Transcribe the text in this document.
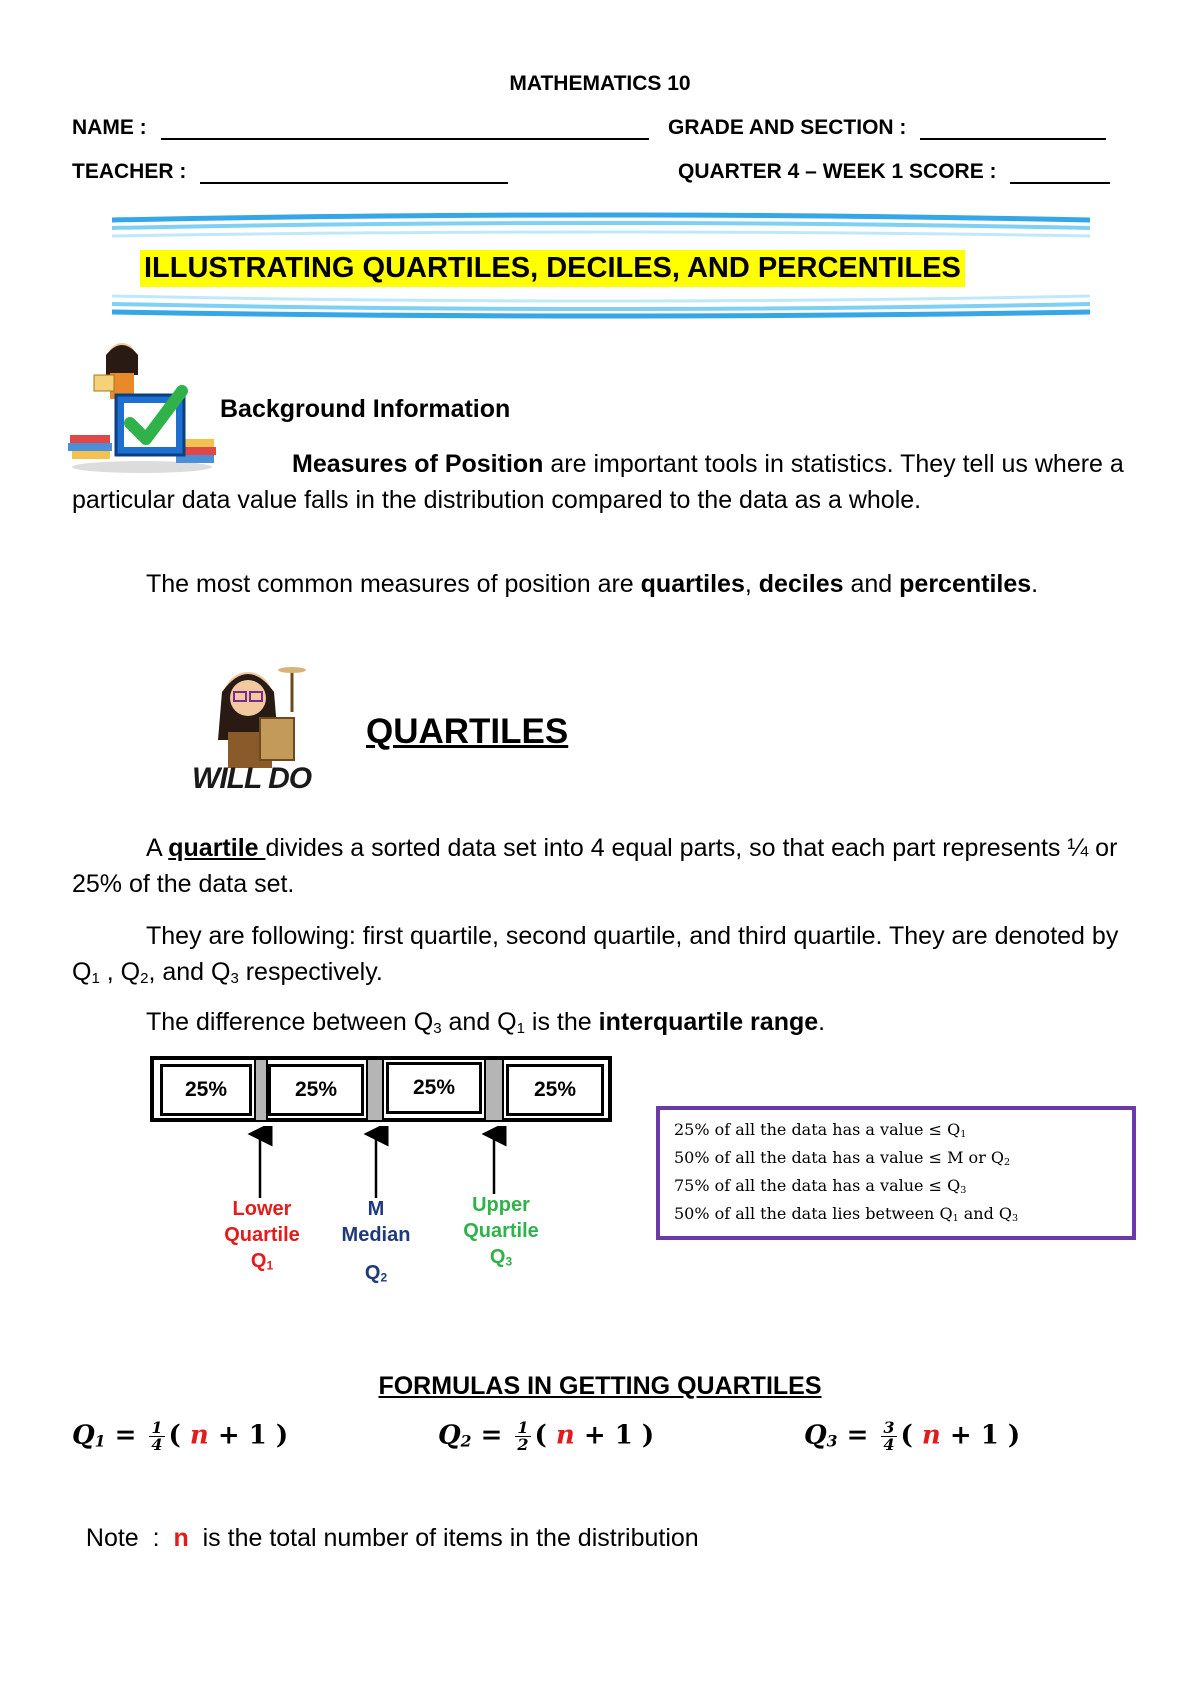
MATHEMATICS 10
NAME :	GRADE AND SECTION :
TEACHER :	QUARTER 4 – WEEK 1 SCORE :
ILLUSTRATING QUARTILES, DECILES, AND PERCENTILES
Background Information
Measures of Position are important tools in statistics. They tell us where a particular data value falls in the distribution compared to the data as a whole.
The most common measures of position are quartiles, deciles and percentiles.
WILL DO
QUARTILES
A quartile divides a sorted data set into 4 equal parts, so that each part represents ¼ or 25% of the data set.
They are following: first quartile, second quartile, and third quartile. They are denoted by $Q_1$ , $Q_2$, and $Q_3$ respectively.
The difference between $Q_3$ and $Q_1$ is the interquartile range.
25%	25%	25%	25%
Lower
Quartile
$Q_1$
M
Median
$Q_2$
Upper
Quartile
$Q_3$
25% of all the data has a value ≤ $Q_1$
50% of all the data has a value ≤ M or $Q_2$
75% of all the data has a value ≤ $Q_3$
50% of all the data lies between $Q_1$ and $Q_3$
FORMULAS IN GETTING QUARTILES
$Q_1 = \frac{1}{4}$ ( n + 1 )	$Q_2 = \frac{1}{2}$ ( n + 1 )	$Q_3 = \frac{3}{4}$ ( n + 1 )

Note  :  n  is the total number of items in the distribution
